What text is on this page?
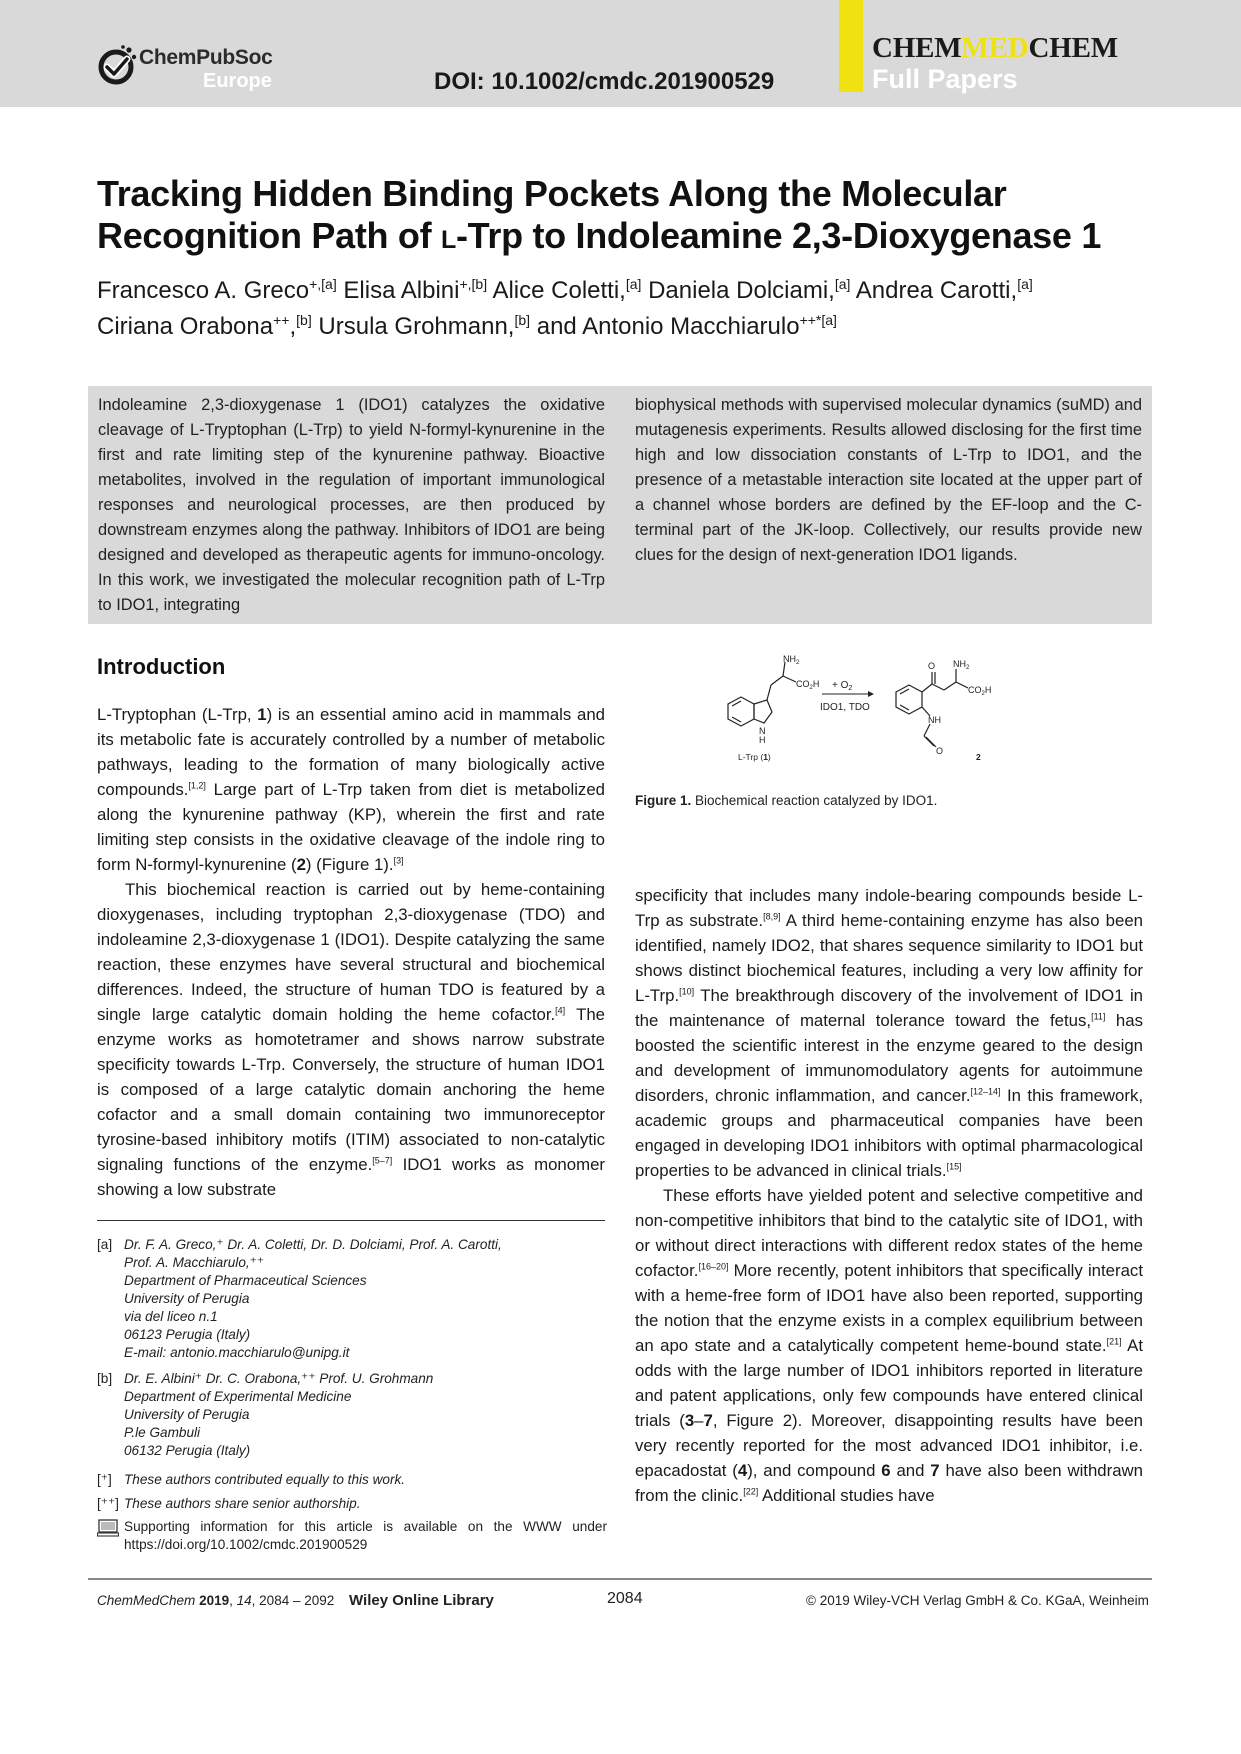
ChemPubSoc
Europe	DOI: 10.1002/cmdc.201900529
CHEMMEDCHEM
Full Papers
Tracking Hidden Binding Pockets Along the Molecular
Recognition Path of l-Trp to Indoleamine 2,3-Dioxygenase 1
Francesco A. Greco$^{+,[a]}$ Elisa Albini$^{+,[b]}$ Alice Coletti,[a] Daniela Dolciami,[a] Andrea Carotti,[a]
Ciriana Orabona++,[b] Ursula Grohmann,[b] and Antonio Macchiarulo$^{++*[a]}$
Indoleamine 2,3-dioxygenase 1 (IDO1) catalyzes the oxidative cleavage of L-Tryptophan (L-Trp) to yield N-formyl-kynurenine in the first and rate limiting step of the kynurenine pathway. Bioactive metabolites, involved in the regulation of important immunological responses and neurological processes, are then produced by downstream enzymes along the pathway. Inhibitors of IDO1 are being designed and developed as therapeutic agents for immuno-oncology. In this work, we investigated the molecular recognition path of L-Trp to IDO1, integrating
biophysical methods with supervised molecular dynamics (suMD) and mutagenesis experiments. Results allowed disclosing for the first time high and low dissociation constants of L-Trp to IDO1, and the presence of a metastable interaction site located at the upper part of a channel whose borders are defined by the EF-loop and the C-terminal part of the JK-loop. Collectively, our results provide new clues for the design of next-generation IDO1 ligands.
Introduction

L-Tryptophan (L-Trp, 1) is an essential amino acid in mammals and its metabolic fate is accurately controlled by a number of metabolic pathways, leading to the formation of many biologically active compounds.[1,2] Large part of L-Trp taken from diet is metabolized along the kynurenine pathway (KP), wherein the first and rate limiting step consists in the oxidative cleavage of the indole ring to form N-formyl-kynurenine (2) (Figure 1).[3]

This biochemical reaction is carried out by heme-containing dioxygenases, including tryptophan 2,3-dioxygenase (TDO) and indoleamine 2,3-dioxygenase 1 (IDO1). Despite catalyzing the same reaction, these enzymes have several structural and biochemical differences. Indeed, the structure of human TDO is featured by a single large catalytic domain holding the heme cofactor.[4] The enzyme works as homotetramer and shows narrow substrate specificity towards L-Trp. Conversely, the structure of human IDO1 is composed of a large catalytic domain anchoring the heme cofactor and a small domain containing two immunoreceptor tyrosine-based inhibitory motifs (ITIM) associated to non-catalytic signaling functions of the enzyme.[5–7] IDO1 works as monomer showing a low substrate

$NH_2$
$CO_2H$
N
H
L-Trp (1)
+ $O_2$
IDO1, TDO
O $NH_2$
$CO_2H$
NH
O
2
Figure 1. Biochemical reaction catalyzed by IDO1.

specificity that includes many indole-bearing compounds beside L-Trp as substrate.[8,9] A third heme-containing enzyme has also been identified, namely IDO2, that shares sequence similarity to IDO1 but shows distinct biochemical features, including a very low affinity for L-Trp.[10] The breakthrough discovery of the involvement of IDO1 in the maintenance of maternal tolerance toward the fetus,[11] has boosted the scientific interest in the enzyme geared to the design and development of immunomodulatory agents for autoimmune disorders, chronic inflammation, and cancer.[12–14] In this framework, academic groups and pharmaceutical companies have been engaged in developing IDO1 inhibitors with optimal pharmacological properties to be advanced in clinical trials.[15]

These efforts have yielded potent and selective competitive and non-competitive inhibitors that bind to the catalytic site of IDO1, with or without direct interactions with different redox states of the heme cofactor.[16–20] More recently, potent inhibitors that specifically interact with a heme-free form of IDO1 have also been reported, supporting the notion that the enzyme exists in a complex equilibrium between an apo state and a catalytically competent heme-bound state.[21] At odds with the large number of IDO1 inhibitors reported in literature and patent applications, only few compounds have entered clinical trials (3–7, Figure 2). Moreover, disappointing results have been very recently reported for the most advanced IDO1 inhibitor, i.e. epacadostat (4), and compound 6 and 7 have also been withdrawn from the clinic.[22] Additional studies have

[a] Dr. F. A. Greco,⁺ Dr. A. Coletti, Dr. D. Dolciami, Prof. A. Carotti,
Prof. A. Macchiarulo,⁺⁺
Department of Pharmaceutical Sciences
University of Perugia
via del liceo n.1
06123 Perugia (Italy)
E-mail: antonio.macchiarulo@unipg.it
[b] Dr. E. Albini⁺ Dr. C. Orabona,⁺⁺ Prof. U. Grohmann
Department of Experimental Medicine
University of Perugia
P.le Gambuli
06132 Perugia (Italy)
[⁺] These authors contributed equally to this work.
[⁺⁺] These authors share senior authorship.
Supporting information for this article is available on the WWW under https://doi.org/10.1002/cmdc.201900529
ChemMedChem 2019, 14, 2084 – 2092 Wiley Online Library	2084	© 2019 Wiley-VCH Verlag GmbH & Co. KGaA, Weinheim
